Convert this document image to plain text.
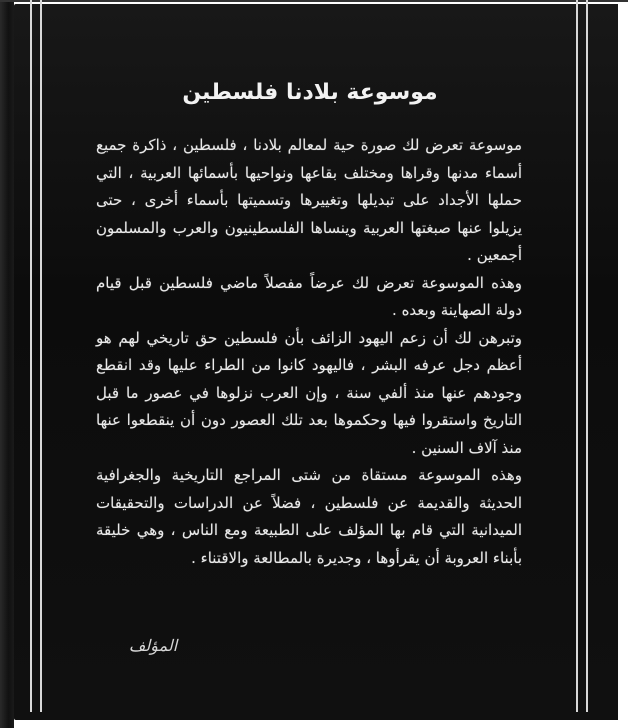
موسوعة بلادنا فلسطين

موسوعة تعرض لك صورة حية لمعالم بلادنا ، فلسطين ، ذاكرة جميع أسماء مدنها وقراها ومختلف بقاعها ونواحيها بأسمائها العربية ، التي حملها الأجداد على تبديلها وتغييرها وتسميتها بأسماء أخرى ، حتى يزيلوا عنها صبغتها العربية وينساها الفلسطينيون والعرب والمسلمون أجمعين .

وهذه الموسوعة تعرض لك عرضاً مفصلاً ماضي فلسطين قبل قيام دولة الصهاينة وبعده .

وتبرهن لك أن زعم اليهود الزائف بأن فلسطين حق تاريخي لهم هو أعظم دجل عرفه البشر ، فاليهود كانوا من الطراء عليها وقد انقطع وجودهم عنها منذ ألفي سنة ، وإن العرب نزلوها في عصور ما قبل التاريخ واستقروا فيها وحكموها بعد تلك العصور دون أن ينقطعوا عنها منذ آلاف السنين .

وهذه الموسوعة مستقاة من شتى المراجع التاريخية والجغرافية الحديثة والقديمة عن فلسطين ، فضلاً عن الدراسات والتحقيقات الميدانية التي قام بها المؤلف على الطبيعة ومع الناس ، وهي خليقة بأبناء العروبة أن يقرأوها ، وجديرة بالمطالعة والاقتناء .

المؤلف
